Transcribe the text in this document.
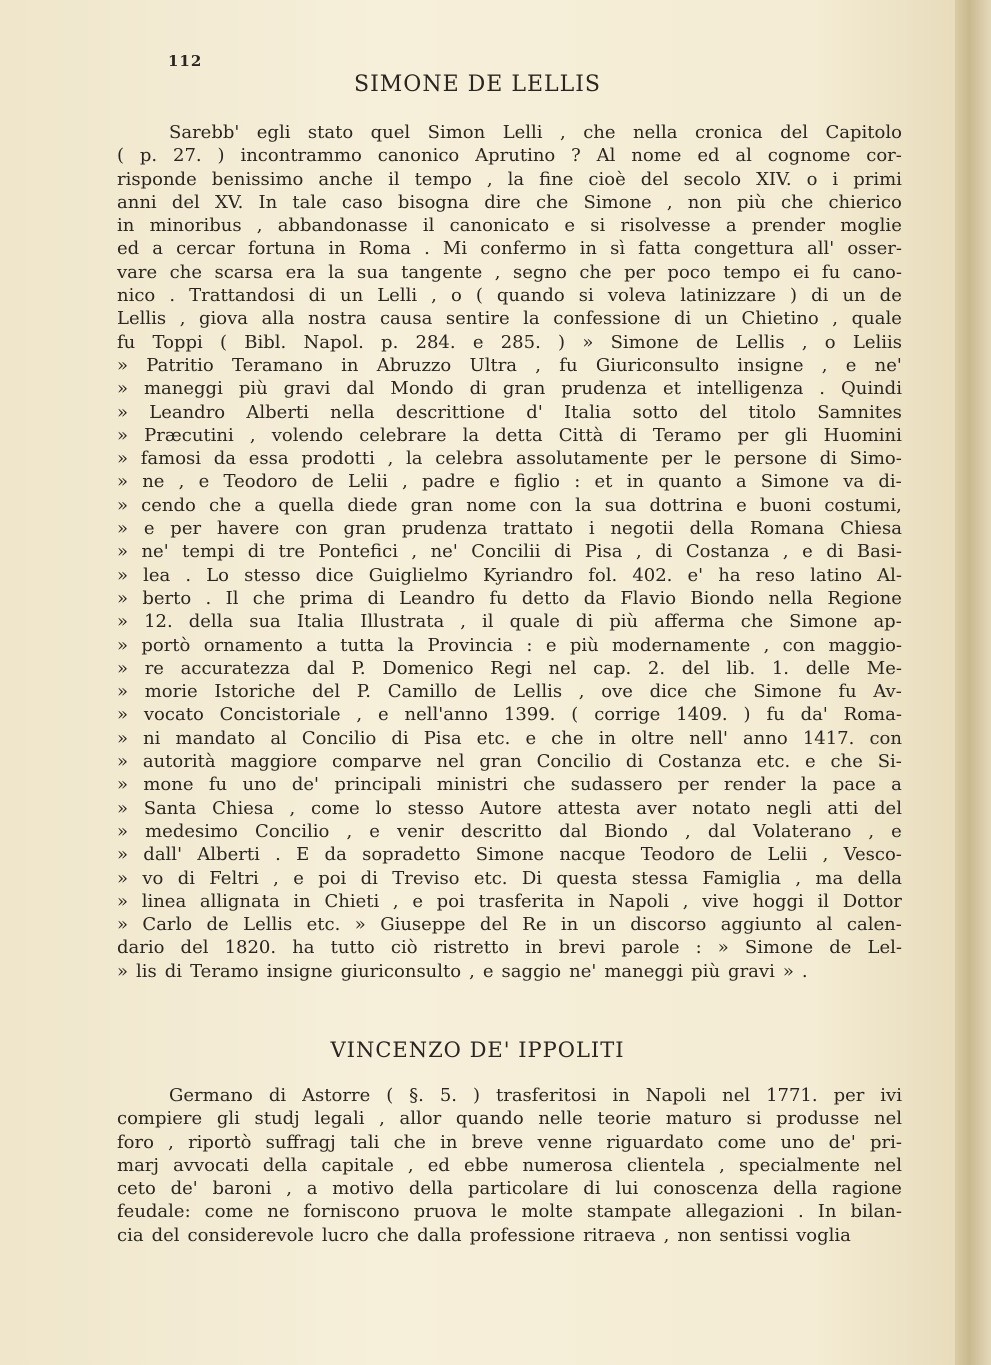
112
SIMONE DE LELLIS
Sarebb' egli stato quel Simon Lelli , che nella cronica del Capitolo
( p. 27. ) incontrammo canonico Aprutino ? Al nome ed al cognome cor-
risponde benissimo anche il tempo , la fine cioè del secolo XIV. o i primi
anni del XV. In tale caso bisogna dire che Simone , non più che chierico
in minoribus , abbandonasse il canonicato e si risolvesse a prender moglie
ed a cercar fortuna in Roma . Mi confermo in sì fatta congettura all' osser-
vare che scarsa era la sua tangente , segno che per poco tempo ei fu cano-
nico . Trattandosi di un Lelli , o ( quando si voleva latinizzare ) di un de
Lellis , giova alla nostra causa sentire la confessione di un Chietino , quale
fu Toppi ( Bibl. Napol. p. 284. e 285. ) » Simone de Lellis , o Leliis
» Patritio Teramano in Abruzzo Ultra , fu Giuriconsulto insigne , e ne'
» maneggi più gravi dal Mondo di gran prudenza et intelligenza . Quindi
» Leandro Alberti nella descrittione d' Italia sotto del titolo Samnites
» Præcutini , volendo celebrare la detta Città di Teramo per gli Huomini
» famosi da essa prodotti , la celebra assolutamente per le persone di Simo-
» ne , e Teodoro de Lelii , padre e figlio : et in quanto a Simone va di-
» cendo che a quella diede gran nome con la sua dottrina e buoni costumi,
» e per havere con gran prudenza trattato i negotii della Romana Chiesa
» ne' tempi di tre Pontefici , ne' Concilii di Pisa , di Costanza , e di Basi-
» lea . Lo stesso dice Guiglielmo Kyriandro fol. 402. e' ha reso latino Al-
» berto . Il che prima di Leandro fu detto da Flavio Biondo nella Regione
» 12. della sua Italia Illustrata , il quale di più afferma che Simone ap-
» portò ornamento a tutta la Provincia : e più modernamente , con maggio-
» re accuratezza dal P. Domenico Regi nel cap. 2. del lib. 1. delle Me-
» morie Istoriche del P. Camillo de Lellis , ove dice che Simone fu Av-
» vocato Concistoriale , e nell'anno 1399. ( corrige 1409. ) fu da' Roma-
» ni mandato al Concilio di Pisa etc. e che in oltre nell' anno 1417. con
» autorità maggiore comparve nel gran Concilio di Costanza etc. e che Si-
» mone fu uno de' principali ministri che sudassero per render la pace a
» Santa Chiesa , come lo stesso Autore attesta aver notato negli atti del
» medesimo Concilio , e venir descritto dal Biondo , dal Volaterano , e
» dall' Alberti . E da sopradetto Simone nacque Teodoro de Lelii , Vesco-
» vo di Feltri , e poi di Treviso etc. Di questa stessa Famiglia , ma della
» linea allignata in Chieti , e poi trasferita in Napoli , vive hoggi il Dottor
» Carlo de Lellis etc. » Giuseppe del Re in un discorso aggiunto al calen-
dario del 1820. ha tutto ciò ristretto in brevi parole : » Simone de Lel-
» lis di Teramo insigne giuriconsulto , e saggio ne' maneggi più gravi » .
VINCENZO DE' IPPOLITI
Germano di Astorre ( §. 5. ) trasferitosi in Napoli nel 1771. per ivi
compiere gli studj legali , allor quando nelle teorie maturo si produsse nel
foro , riportò suffragj tali che in breve venne riguardato come uno de' pri-
marj avvocati della capitale , ed ebbe numerosa clientela , specialmente nel
ceto de' baroni , a motivo della particolare di lui conoscenza della ragione
feudale: come ne forniscono pruova le molte stampate allegazioni . In bilan-
cia del considerevole lucro che dalla professione ritraeva , non sentissi voglia
